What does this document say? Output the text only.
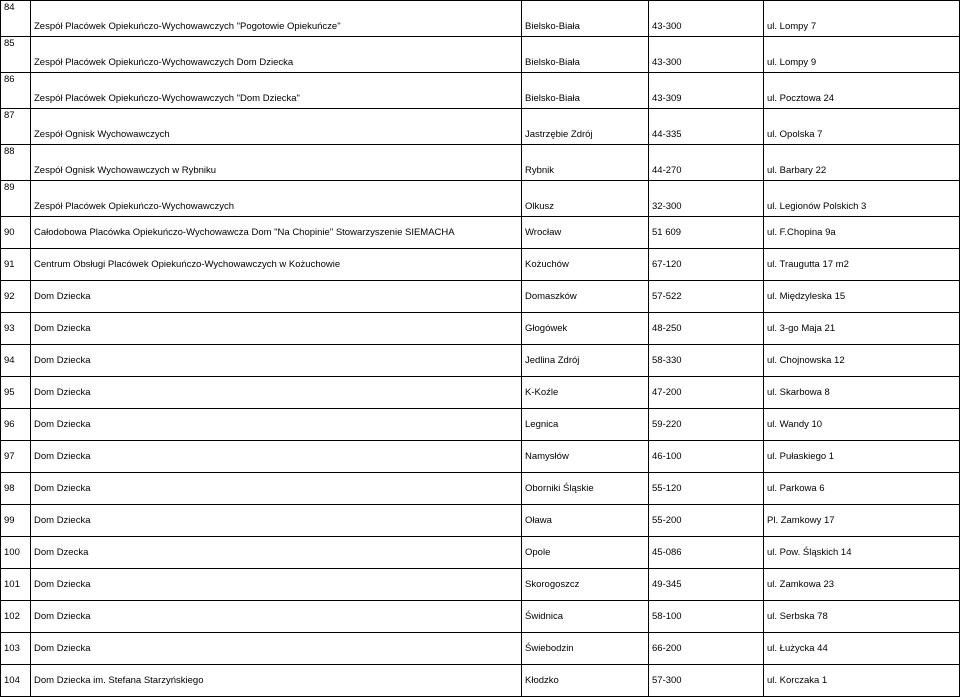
84	Zespół Placówek Opiekuńczo-Wychowawczych "Pogotowie Opiekuńcze"	Bielsko-Biała	43-300	ul. Lompy 7
85	Zespół Placówek Opiekuńczo-Wychowawczych Dom Dziecka	Bielsko-Biała	43-300	ul. Lompy 9
86	Zespół Placówek Opiekuńczo-Wychowawczych "Dom Dziecka"	Bielsko-Biała	43-309	ul. Pocztowa 24
87	Zespół Ognisk Wychowawczych	Jastrzębie Zdrój	44-335	ul. Opolska 7
88	Zespół Ognisk Wychowawczych w Rybniku	Rybnik	44-270	ul. Barbary 22
89	Zespół Placówek Opiekuńczo-Wychowawczych	Olkusz	32-300	ul. Legionów Polskich 3
90	Całodobowa Placówka Opiekuńczo-Wychowawcza Dom "Na Chopinie" Stowarzyszenie SIEMACHA	Wrocław	51 609	ul. F.Chopina 9a
91	Centrum Obsługi Placówek Opiekuńczo-Wychowawczych w Kożuchowie	Kożuchów	67-120	ul. Traugutta 17 m2
92	Dom Dziecka	Domaszków	57-522	ul. Międzyleska 15
93	Dom Dziecka	Głogówek	48-250	ul. 3-go Maja 21
94	Dom Dziecka	Jedlina Zdrój	58-330	ul. Chojnowska 12
95	Dom Dziecka	K-Koźle	47-200	ul. Skarbowa 8
96	Dom Dziecka	Legnica	59-220	ul. Wandy 10
97	Dom Dziecka	Namysłów	46-100	ul. Pułaskiego 1
98	Dom Dziecka	Oborniki Śląskie	55-120	ul. Parkowa 6
99	Dom Dziecka	Oława	55-200	Pl. Zamkowy 17
100	Dom Dzecka	Opole	45-086	ul. Pow. Śląskich 14
101	Dom Dziecka	Skorogoszcz	49-345	ul. Zamkowa 23
102	Dom Dziecka	Świdnica	58-100	ul. Serbska 78
103	Dom Dziecka	Świebodzin	66-200	ul. Łużycka 44
104	Dom Dziecka im. Stefana Starzyńskiego	Kłodzko	57-300	ul. Korczaka 1
